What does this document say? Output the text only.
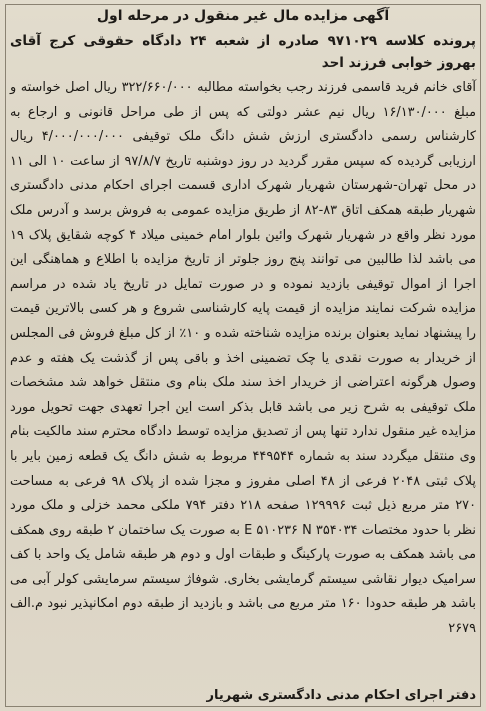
آگهی مزایده مال غیر منقول در مرحله اول
پرونده کلاسه ۹۷۱۰۲۹ صادره از شعبه ۲۴ دادگاه حقوقی کرج آقای بهروز خوابی فرزند احد
آقای خانم فرید قاسمی فرزند رجب بخواسته مطالبه ۳۲۲/۶۶۰/۰۰۰ ریال اصل خواسته و مبلغ ۱۶/۱۳۰/۰۰۰ ریال نیم عشر دولتی که پس از طی مراحل قانونی و ارجاع به کارشناس رسمی دادگستری ارزش شش دانگ ملک توقیفی ۴/۰۰۰/۰۰۰/۰۰۰ ریال ارزیابی گردیده که سپس مقرر گردید در روز دوشنبه تاریخ ۹۷/۸/۷ از ساعت ۱۰ الی ۱۱ در محل تهران-شهرستان شهریار شهرک اداری قسمت اجرای احکام مدنی دادگستری شهریار طبقه همکف اتاق ۸۳-۸۲ از طریق مزایده عمومی به فروش برسد و آدرس ملک مورد نظر واقع در شهریار شهرک وائین بلوار امام خمینی میلاد ۴ کوچه شقایق پلاک ۱۹ می باشد لذا طالبین می توانند پنج روز جلوتر از تاریخ مزایده با اطلاع و هماهنگی این اجرا از اموال توقیفی بازدید نموده و در صورت تمایل در تاریخ یاد شده در مراسم مزایده شرکت نمایند مزایده از قیمت پایه کارشناسی شروع و هر کسی بالاترین قیمت را پیشنهاد نماید بعنوان برنده مزایده شناخته شده و ۱۰٪ از کل مبلغ فروش فی المجلس از خریدار به صورت نقدی یا چک تضمینی اخذ و باقی پس از گذشت یک هفته و عدم وصول هرگونه اعتراضی از خریدار اخذ سند ملک بنام وی منتقل خواهد شد مشخصات ملک توقیفی به شرح زیر می باشد قابل بذکر است این اجرا تعهدی جهت تحویل مورد مزایده غیر منقول ندارد تنها پس از تصدیق مزایده توسط دادگاه محترم سند مالکیت بنام وی منتقل میگردد سند به شماره ۴۴۹۵۴۴ مربوط به شش دانگ یک قطعه زمین بایر با پلاک ثبتی ۲۰۴۸ فرعی از ۴۸ اصلی مفروز و مجزا شده از پلاک ۹۸ فرعی به مساحت ۲۷۰ متر مربع ذیل ثبت ۱۲۹۹۹۶ صفحه ۲۱۸ دفتر ۷۹۴ ملکی محمد خزلی و ملک مورد نظر با حدود مختصات E ۵۱۰۲۳۶ N ۳۵۴۰۳۴ به صورت یک ساختمان ۲ طبقه روی همکف می باشد همکف به صورت پارکینگ و طبقات اول و دوم هر طبقه شامل یک واحد با کف سرامیک دیوار نقاشی سیستم گرمایشی بخاری. شوفاژ سیستم سرمایشی کولر آبی می باشد هر طبقه حدودا ۱۶۰ متر مربع می باشد و بازدید از طبقه دوم امکانپذیر نبود م.الف ۲۶۷۹
دفتر اجرای احکام مدنی دادگستری شهریار
